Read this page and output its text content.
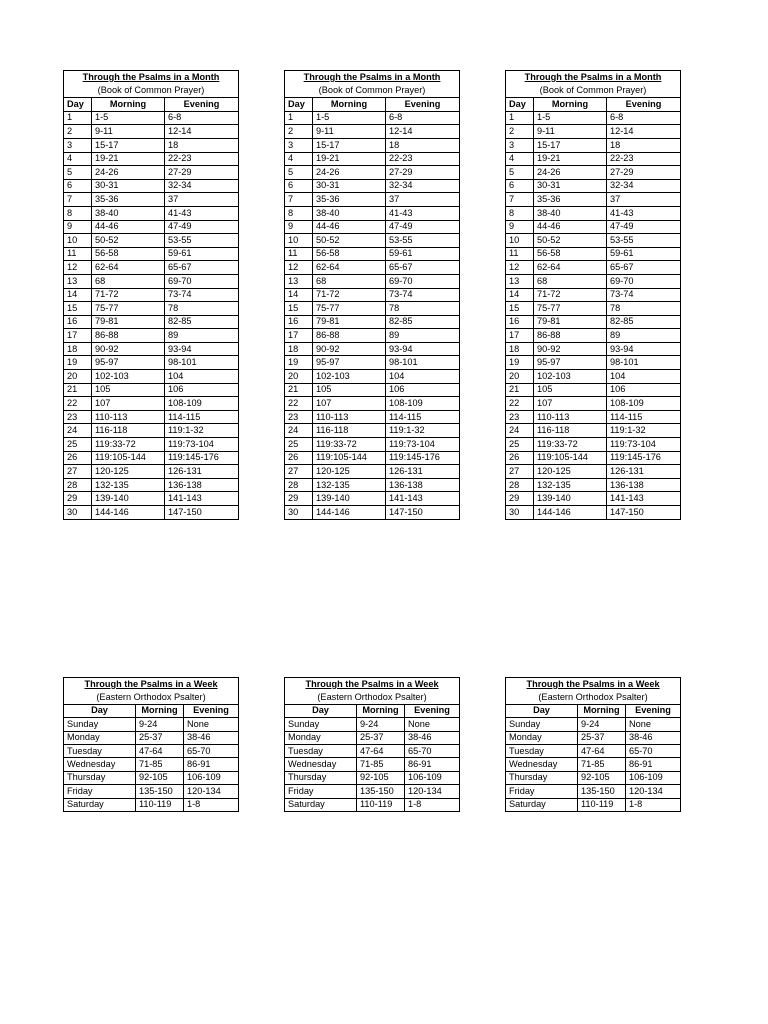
Through the Psalms in a Month		
(Book of Common Prayer)		
Day	Morning	Evening
1	1-5	6-8
2	9-11	12-14
3	15-17	18
4	19-21	22-23
5	24-26	27-29
6	30-31	32-34
7	35-36	37
8	38-40	41-43
9	44-46	47-49
10	50-52	53-55
11	56-58	59-61
12	62-64	65-67
13	68	69-70
14	71-72	73-74
15	75-77	78
16	79-81	82-85
17	86-88	89
18	90-92	93-94
19	95-97	98-101
20	102-103	104
21	105	106
22	107	108-109
23	110-113	114-115
24	116-118	119:1-32
25	119:33-72	119:73-104
26	119:105-144	119:145-176
27	120-125	126-131
28	132-135	136-138
29	139-140	141-143
30	144-146	147-150
Through the Psalms in a Month		
(Book of Common Prayer)		
Day	Morning	Evening
1	1-5	6-8
2	9-11	12-14
3	15-17	18
4	19-21	22-23
5	24-26	27-29
6	30-31	32-34
7	35-36	37
8	38-40	41-43
9	44-46	47-49
10	50-52	53-55
11	56-58	59-61
12	62-64	65-67
13	68	69-70
14	71-72	73-74
15	75-77	78
16	79-81	82-85
17	86-88	89
18	90-92	93-94
19	95-97	98-101
20	102-103	104
21	105	106
22	107	108-109
23	110-113	114-115
24	116-118	119:1-32
25	119:33-72	119:73-104
26	119:105-144	119:145-176
27	120-125	126-131
28	132-135	136-138
29	139-140	141-143
30	144-146	147-150
Through the Psalms in a Month		
(Book of Common Prayer)		
Day	Morning	Evening
1	1-5	6-8
2	9-11	12-14
3	15-17	18
4	19-21	22-23
5	24-26	27-29
6	30-31	32-34
7	35-36	37
8	38-40	41-43
9	44-46	47-49
10	50-52	53-55
11	56-58	59-61
12	62-64	65-67
13	68	69-70
14	71-72	73-74
15	75-77	78
16	79-81	82-85
17	86-88	89
18	90-92	93-94
19	95-97	98-101
20	102-103	104
21	105	106
22	107	108-109
23	110-113	114-115
24	116-118	119:1-32
25	119:33-72	119:73-104
26	119:105-144	119:145-176
27	120-125	126-131
28	132-135	136-138
29	139-140	141-143
30	144-146	147-150
Through the Psalms in a Week		
(Eastern Orthodox Psalter)		
Day	Morning	Evening
Sunday	9-24	None
Monday	25-37	38-46
Tuesday	47-64	65-70
Wednesday	71-85	86-91
Thursday	92-105	106-109
Friday	135-150	120-134
Saturday	110-119	1-8
Through the Psalms in a Week		
(Eastern Orthodox Psalter)		
Day	Morning	Evening
Sunday	9-24	None
Monday	25-37	38-46
Tuesday	47-64	65-70
Wednesday	71-85	86-91
Thursday	92-105	106-109
Friday	135-150	120-134
Saturday	110-119	1-8
Through the Psalms in a Week		
(Eastern Orthodox Psalter)		
Day	Morning	Evening
Sunday	9-24	None
Monday	25-37	38-46
Tuesday	47-64	65-70
Wednesday	71-85	86-91
Thursday	92-105	106-109
Friday	135-150	120-134
Saturday	110-119	1-8
